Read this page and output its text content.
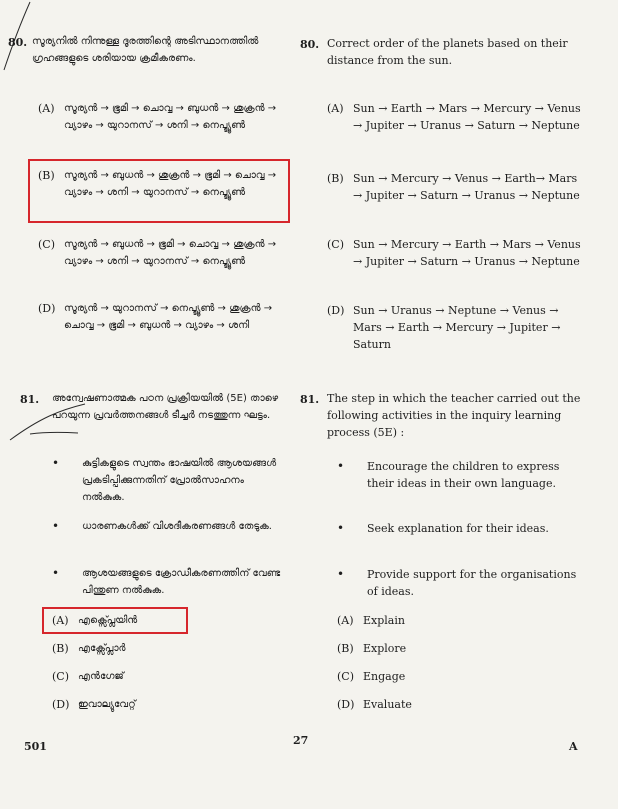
80. സൂര്യനിൽ നിന്നുള്ള ദൂരത്തിന്റെ അടിസ്ഥാനത്തിൽ ഗ്രഹങ്ങളുടെ ശരിയായ ക്രമീകരണം.
(A) സൂര്യൻ → ഭൂമി → ചൊവ്വ → ബുധൻ → ശുക്രൻ → വ്യാഴം → യുറാനസ് → ശനി → നെപ്ട്യൂൺ
(B) സൂര്യൻ → ബുധൻ → ശുക്രൻ → ഭൂമി → ചൊവ്വ → വ്യാഴം → ശനി → യുറാനസ് → നെപ്ട്യൂൺ
(C) സൂര്യൻ → ബുധൻ → ഭൂമി → ചൊവ്വ → ശുക്രൻ → വ്യാഴം → ശനി → യുറാനസ് → നെപ്ട്യൂൺ
(D) സൂര്യൻ → യുറാനസ് → നെപ്ട്യൂൺ → ശുക്രൻ → ചൊവ്വ → ഭൂമി → ബുധൻ → വ്യാഴം → ശനി
81. അന്വേഷണാത്മക പഠന പ്രക്രിയയിൽ (5E) താഴെ പറയുന്ന പ്രവർത്തനങ്ങൾ ടീച്ചർ നടത്തുന്ന ഘട്ടം.
•	കുട്ടികളുടെ സ്വന്തം ഭാഷയിൽ ആശയങ്ങൾ പ്രകടിപ്പിക്കുന്നതിന് പ്രോൽസാഹനം നൽകുക.
•	ധാരണകൾക്ക് വിശദീകരണങ്ങൾ തേടുക.
•	ആശയങ്ങളുടെ ക്രോഡീകരണത്തിന് വേണ്ട പിന്തുണ നൽകുക.
(A) എക്സ്പ്ലെയിൻ
(B) എക്സ്പ്ലോർ
(C) എൻഗേജ്
(D) ഇവാല്യുവേറ്റ്
80. Correct order of the planets based on their distance from the sun.
(A) Sun → Earth → Mars → Mercury → Venus → Jupiter → Uranus → Saturn → Neptune
(B) Sun → Mercury → Venus → Earth→ Mars → Jupiter → Saturn → Uranus → Neptune
(C) Sun → Mercury → Earth → Mars → Venus → Jupiter → Saturn → Uranus → Neptune
(D) Sun → Uranus → Neptune → Venus → Mars → Earth → Mercury → Jupiter → Saturn
81. The step in which the teacher carried out the following activities in the inquiry learning process (5E) :
•	Encourage the children to express their ideas in their own language.
•	Seek explanation for their ideas.
•	Provide support for the organisations of ideas.
(A) Explain
(B) Explore
(C) Engage
(D) Evaluate
501	27	A
